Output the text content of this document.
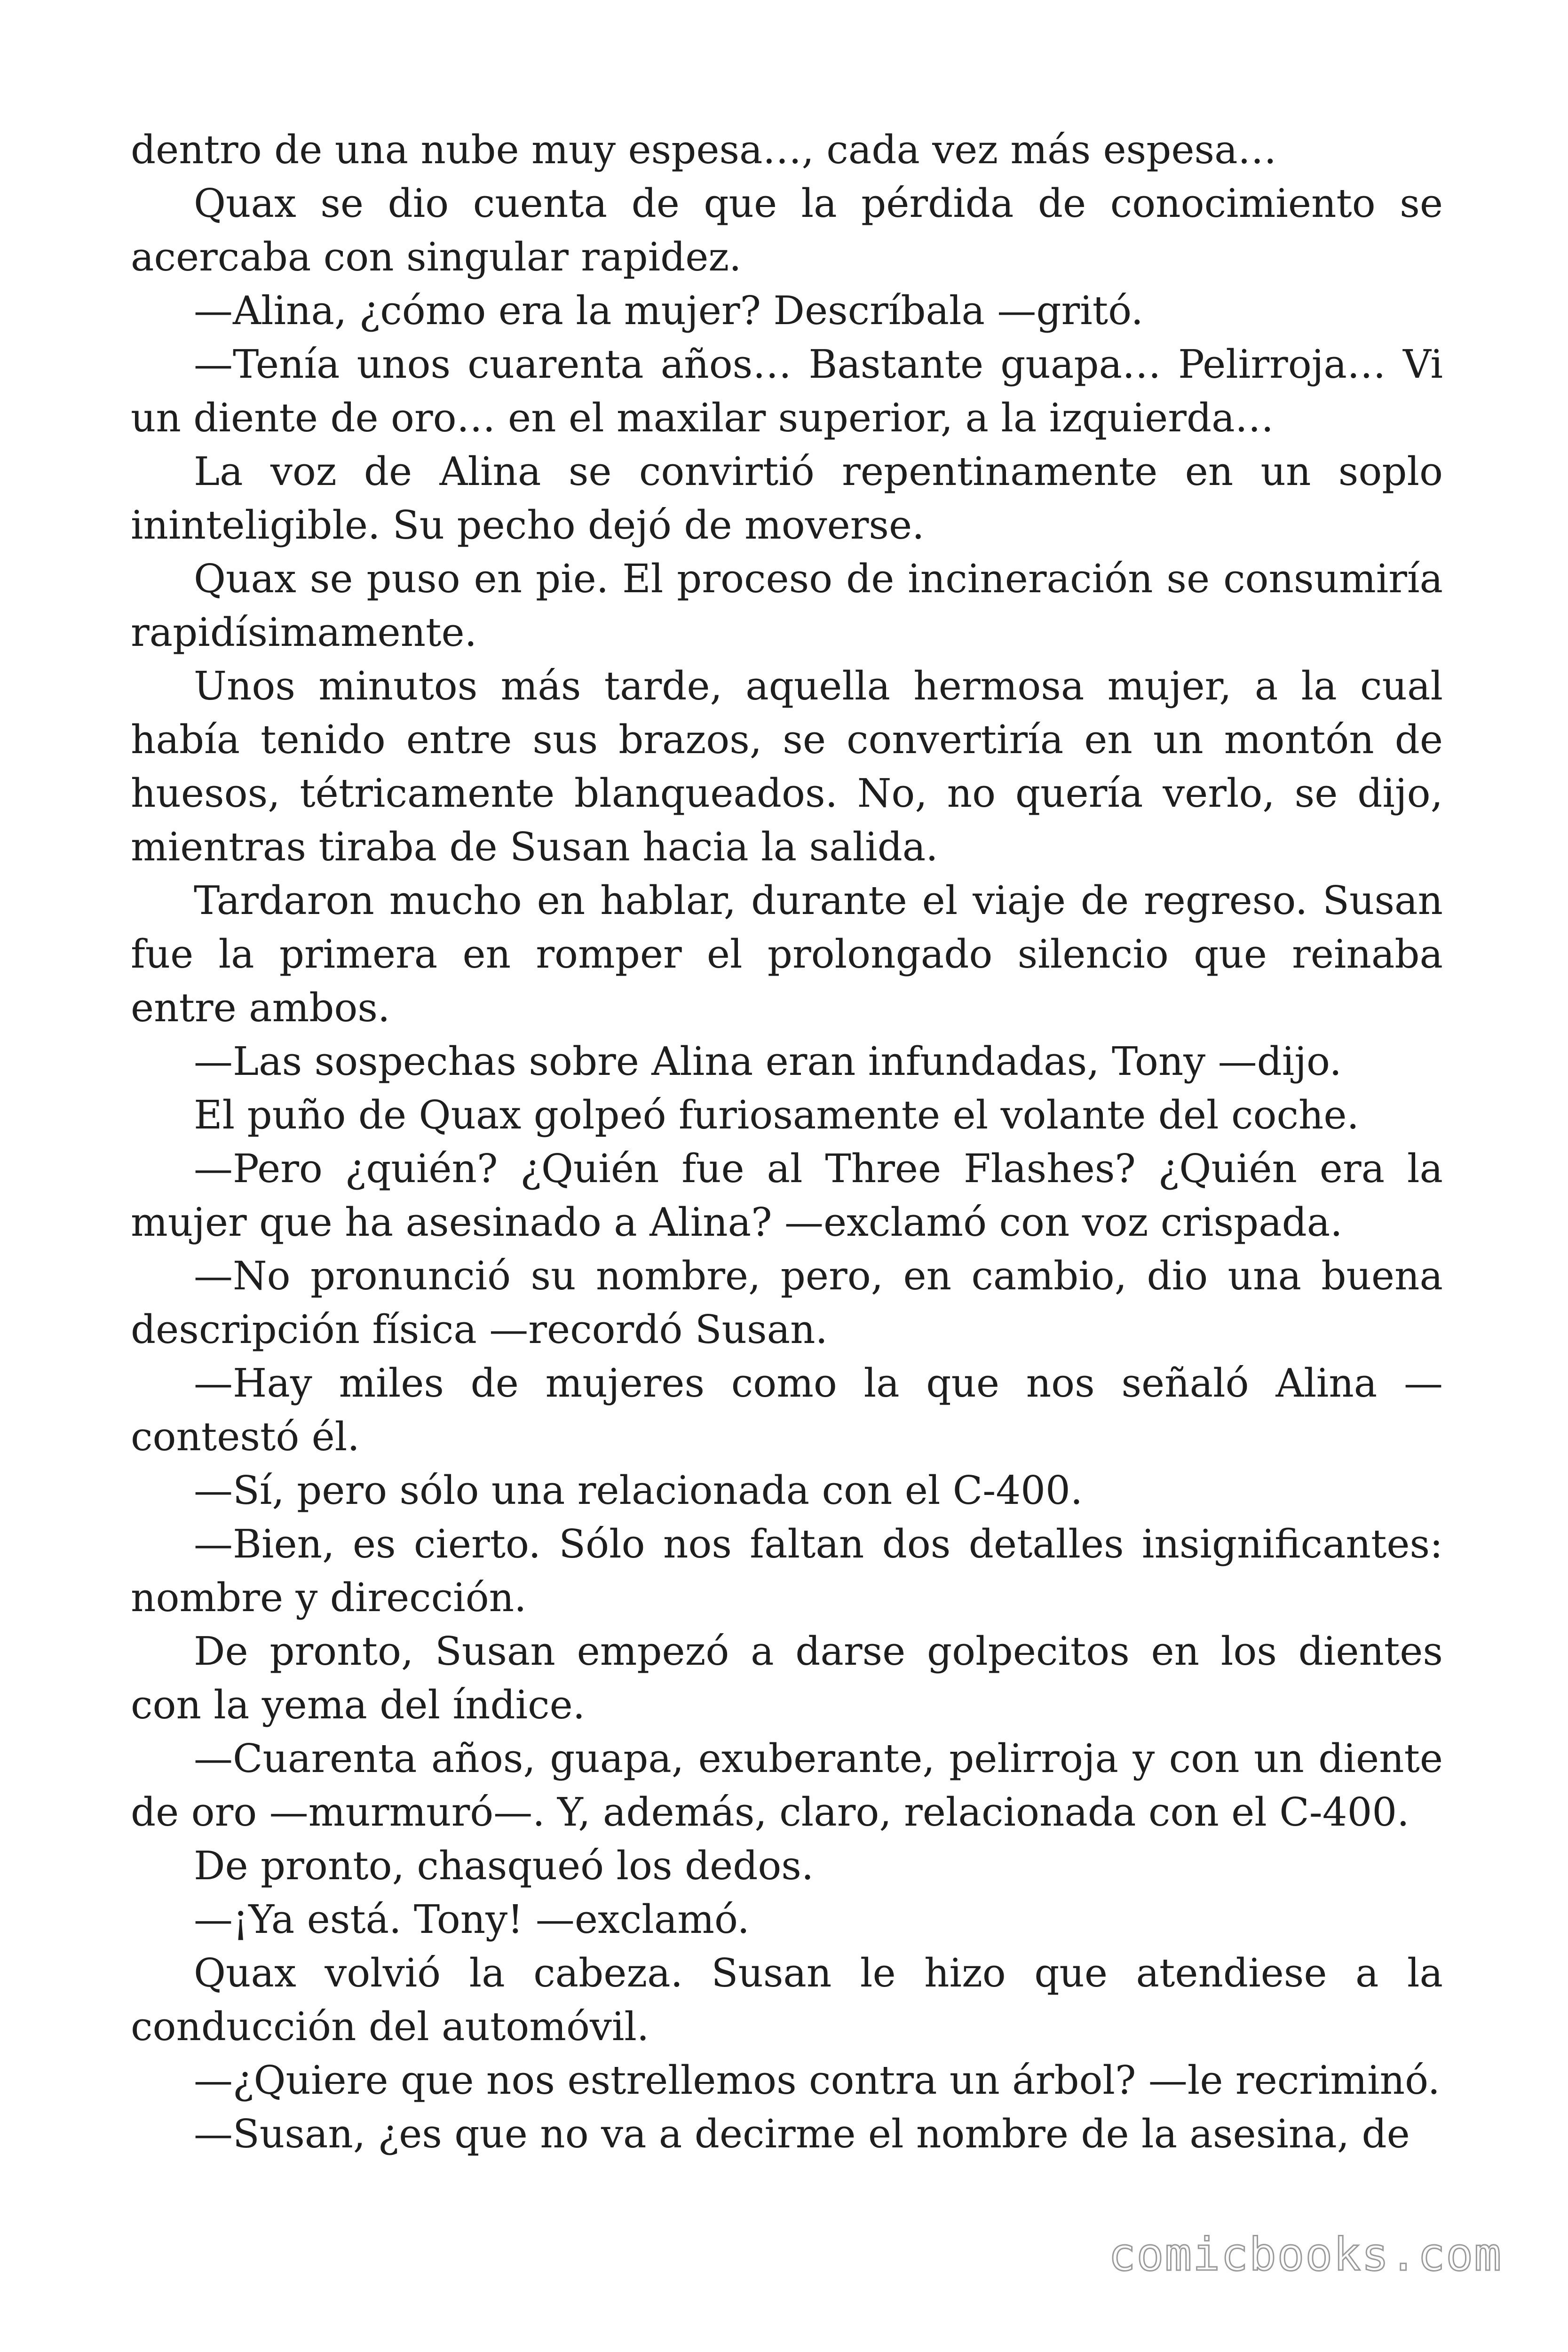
dentro de una nube muy espesa…, cada vez más espesa…

Quax se dio cuenta de que la pérdida de conocimiento se acercaba con singular rapidez.

—Alina, ¿cómo era la mujer? Descríbala —gritó.

—Tenía unos cuarenta años… Bastante guapa… Pelirroja… Vi un diente de oro… en el maxilar superior, a la izquierda…

La voz de Alina se convirtió repentinamente en un soplo ininteligible. Su pecho dejó de moverse.

Quax se puso en pie. El proceso de incineración se consumiría rapidísimamente.

Unos minutos más tarde, aquella hermosa mujer, a la cual había tenido entre sus brazos, se convertiría en un montón de huesos, tétricamente blanqueados. No, no quería verlo, se dijo, mientras tiraba de Susan hacia la salida.

Tardaron mucho en hablar, durante el viaje de regreso. Susan fue la primera en romper el prolongado silencio que reinaba entre ambos.

—Las sospechas sobre Alina eran infundadas, Tony —dijo.

El puño de Quax golpeó furiosamente el volante del coche.

—Pero ¿quién? ¿Quién fue al Three Flashes? ¿Quién era la mujer que ha asesinado a Alina? —exclamó con voz crispada.

—No pronunció su nombre, pero, en cambio, dio una buena descripción física —recordó Susan.

—Hay miles de mujeres como la que nos señaló Alina —contestó él.

—Sí, pero sólo una relacionada con el C-400.

—Bien, es cierto. Sólo nos faltan dos detalles insignificantes: nombre y dirección.

De pronto, Susan empezó a darse golpecitos en los dientes con la yema del índice.

—Cuarenta años, guapa, exuberante, pelirroja y con un diente de oro —murmuró—. Y, además, claro, relacionada con el C-400.

De pronto, chasqueó los dedos.

—¡Ya está. Tony! —exclamó.

Quax volvió la cabeza. Susan le hizo que atendiese a la conducción del automóvil.

—¿Quiere que nos estrellemos contra un árbol? —le recriminó.

—Susan, ¿es que no va a decirme el nombre de la asesina, de

comicbooks.com
